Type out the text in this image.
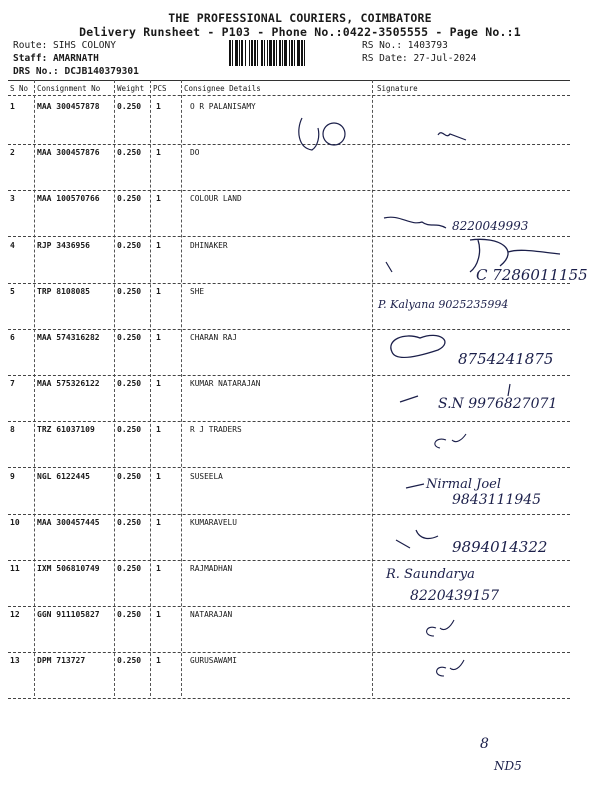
THE PROFESSIONAL COURIERS, COIMBATORE
Delivery Runsheet - P103 - Phone No.:0422-3505555 - Page No.:1
Route: SIHS COLONY
Staff: AMARNATH
DRS No.: DCJB140379301
RS No.: 1403793
RS Date: 27-Jul-2024
S No Consignment No Weight PCS Consignee Details	Signature
1	MAA 300457878 0.250 1	O R PALANISAMY
2	MAA 300457876 0.250 1	DO
3	MAA 100570766 0.250 1	COLOUR LAND
4	RJP 3436956	0.250 1	DHINAKER
5	TRP 8108085	0.250 1	SHE
6	MAA 574316282 0.250 1	CHARAN RAJ
7	MAA 575326122 0.250 1	KUMAR NATARAJAN
8	TRZ 61037109	0.250 1	R J TRADERS
9	NGL 6122445	0.250 1	SUSEELA
10 MAA 300457445 0.250 1	KUMARAVELU
11 IXM 506810749 0.250 1	RAJMADHAN
12 GGN 911105827 0.250 1	NATARAJAN
13 DPM 713727	0.250 1	GURUSAWAMI
8220049993
C 7286011155
P. Kalyana 9025235994
8754241875
S.N 9976827071
Nirmal Joel
9843111945
9894014322
R. Saundarya
8220439157
8
ND5
